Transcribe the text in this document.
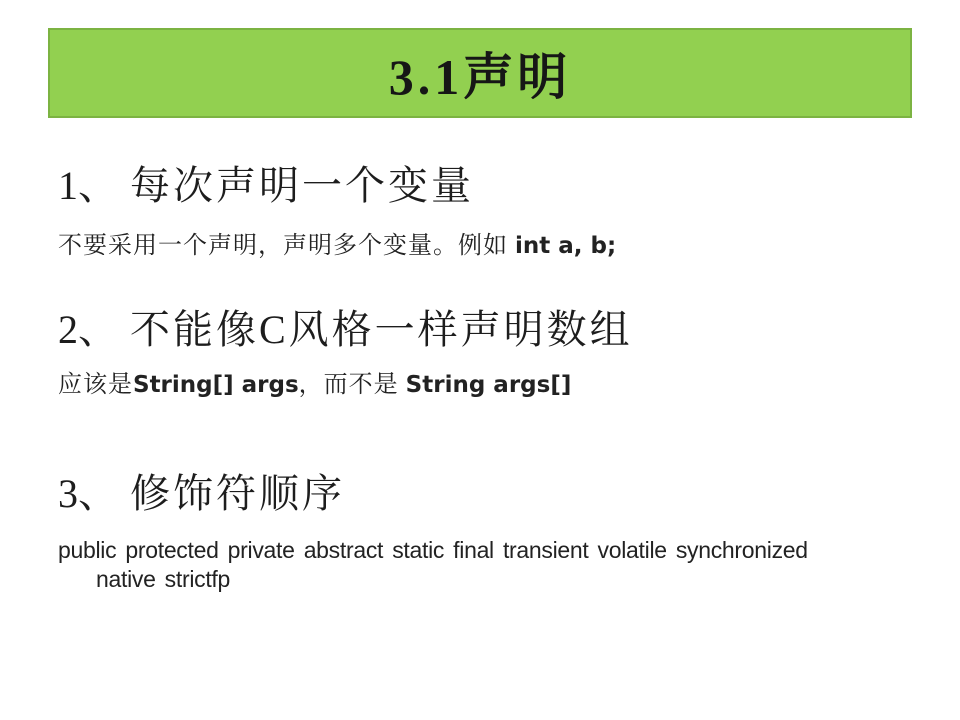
3.1声明
1、 每次声明一个变量

不要采用一个声明，声明多个变量。例如 int a, b;

2、 不能像C风格一样声明数组

应该是String[] args，而不是 String args[]

3、 修饰符顺序
public protected private abstract static final transient volatile synchronized
native strictfp
